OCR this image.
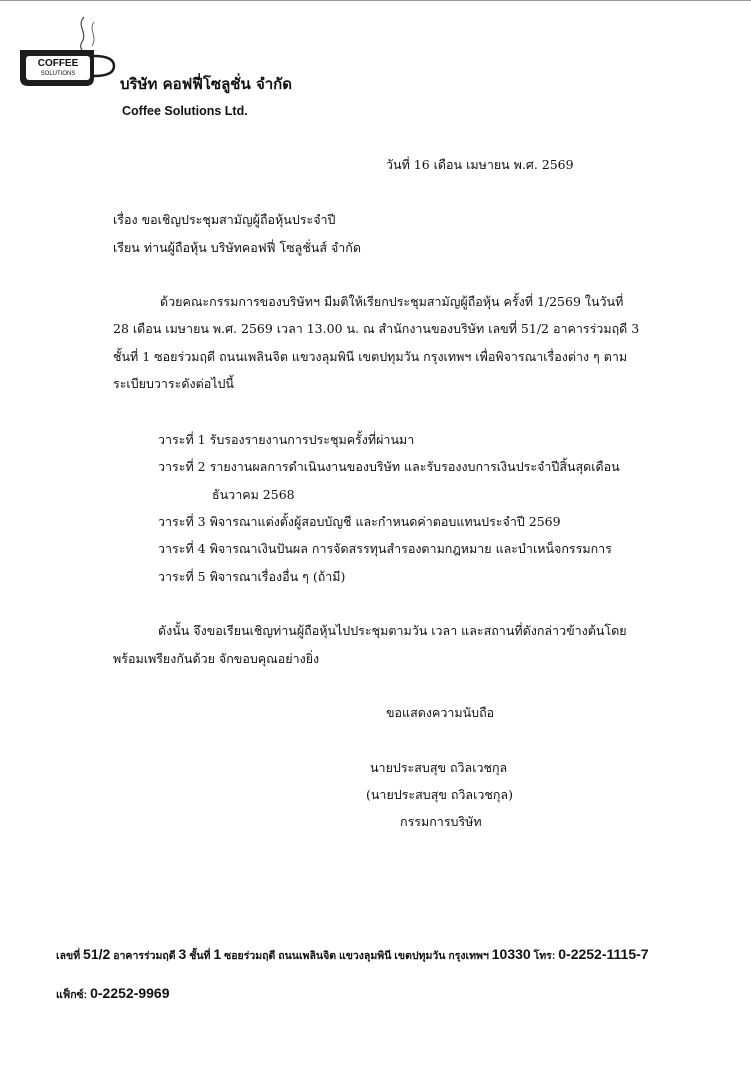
COFFEE
SOLUTIONS
บริษัท คอฟฟี่โซลูชั่น จำกัด
Coffee Solutions Ltd.
วันที่ 16 เดือน เมษายน พ.ศ. 2569
เรื่อง ขอเชิญประชุมสามัญผู้ถือหุ้นประจำปี
เรียน ท่านผู้ถือหุ้น บริษัทคอฟฟี่ โซลูชั่นส์ จำกัด
ด้วยคณะกรรมการของบริษัทฯ มีมติให้เรียกประชุมสามัญผู้ถือหุ้น ครั้งที่ 1/2569 ในวันที่
28 เดือน เมษายน พ.ศ. 2569 เวลา 13.00 น. ณ สำนักงานของบริษัท เลขที่ 51/2 อาคารร่วมฤดี 3
ชั้นที่ 1 ซอยร่วมฤดี ถนนเพลินจิต แขวงลุมพินี เขตปทุมวัน กรุงเทพฯ เพื่อพิจารณาเรื่องต่าง ๆ ตาม
ระเบียบวาระดังต่อไปนี้
วาระที่ 1 รับรองรายงานการประชุมครั้งที่ผ่านมา
วาระที่ 2 รายงานผลการดำเนินงานของบริษัท และรับรองงบการเงินประจำปีสิ้นสุดเดือน
ธันวาคม 2568
วาระที่ 3 พิจารณาแต่งตั้งผู้สอบบัญชี และกำหนดค่าตอบแทนประจำปี 2569
วาระที่ 4 พิจารณาเงินปันผล การจัดสรรทุนสำรองตามกฎหมาย และบำเหน็จกรรมการ
วาระที่ 5 พิจารณาเรื่องอื่น ๆ (ถ้ามี)
ดังนั้น จึงขอเรียนเชิญท่านผู้ถือหุ้นไปประชุมตามวัน เวลา และสถานที่ดังกล่าวข้างต้นโดย
พร้อมเพรียงกันด้วย จักขอบคุณอย่างยิ่ง
ขอแสดงความนับถือ
นายประสบสุข ถวิลเวชกุล
(นายประสบสุข ถวิลเวชกุล)
กรรมการบริษัท
เลขที่ 51/2 อาคารร่วมฤดี 3 ชั้นที่ 1 ซอยร่วมฤดี ถนนเพลินจิต แขวงลุมพินี เขตปทุมวัน กรุงเทพฯ 10330 โทร: 0-2252-1115-7
แฟ็กซ์: 0-2252-9969
